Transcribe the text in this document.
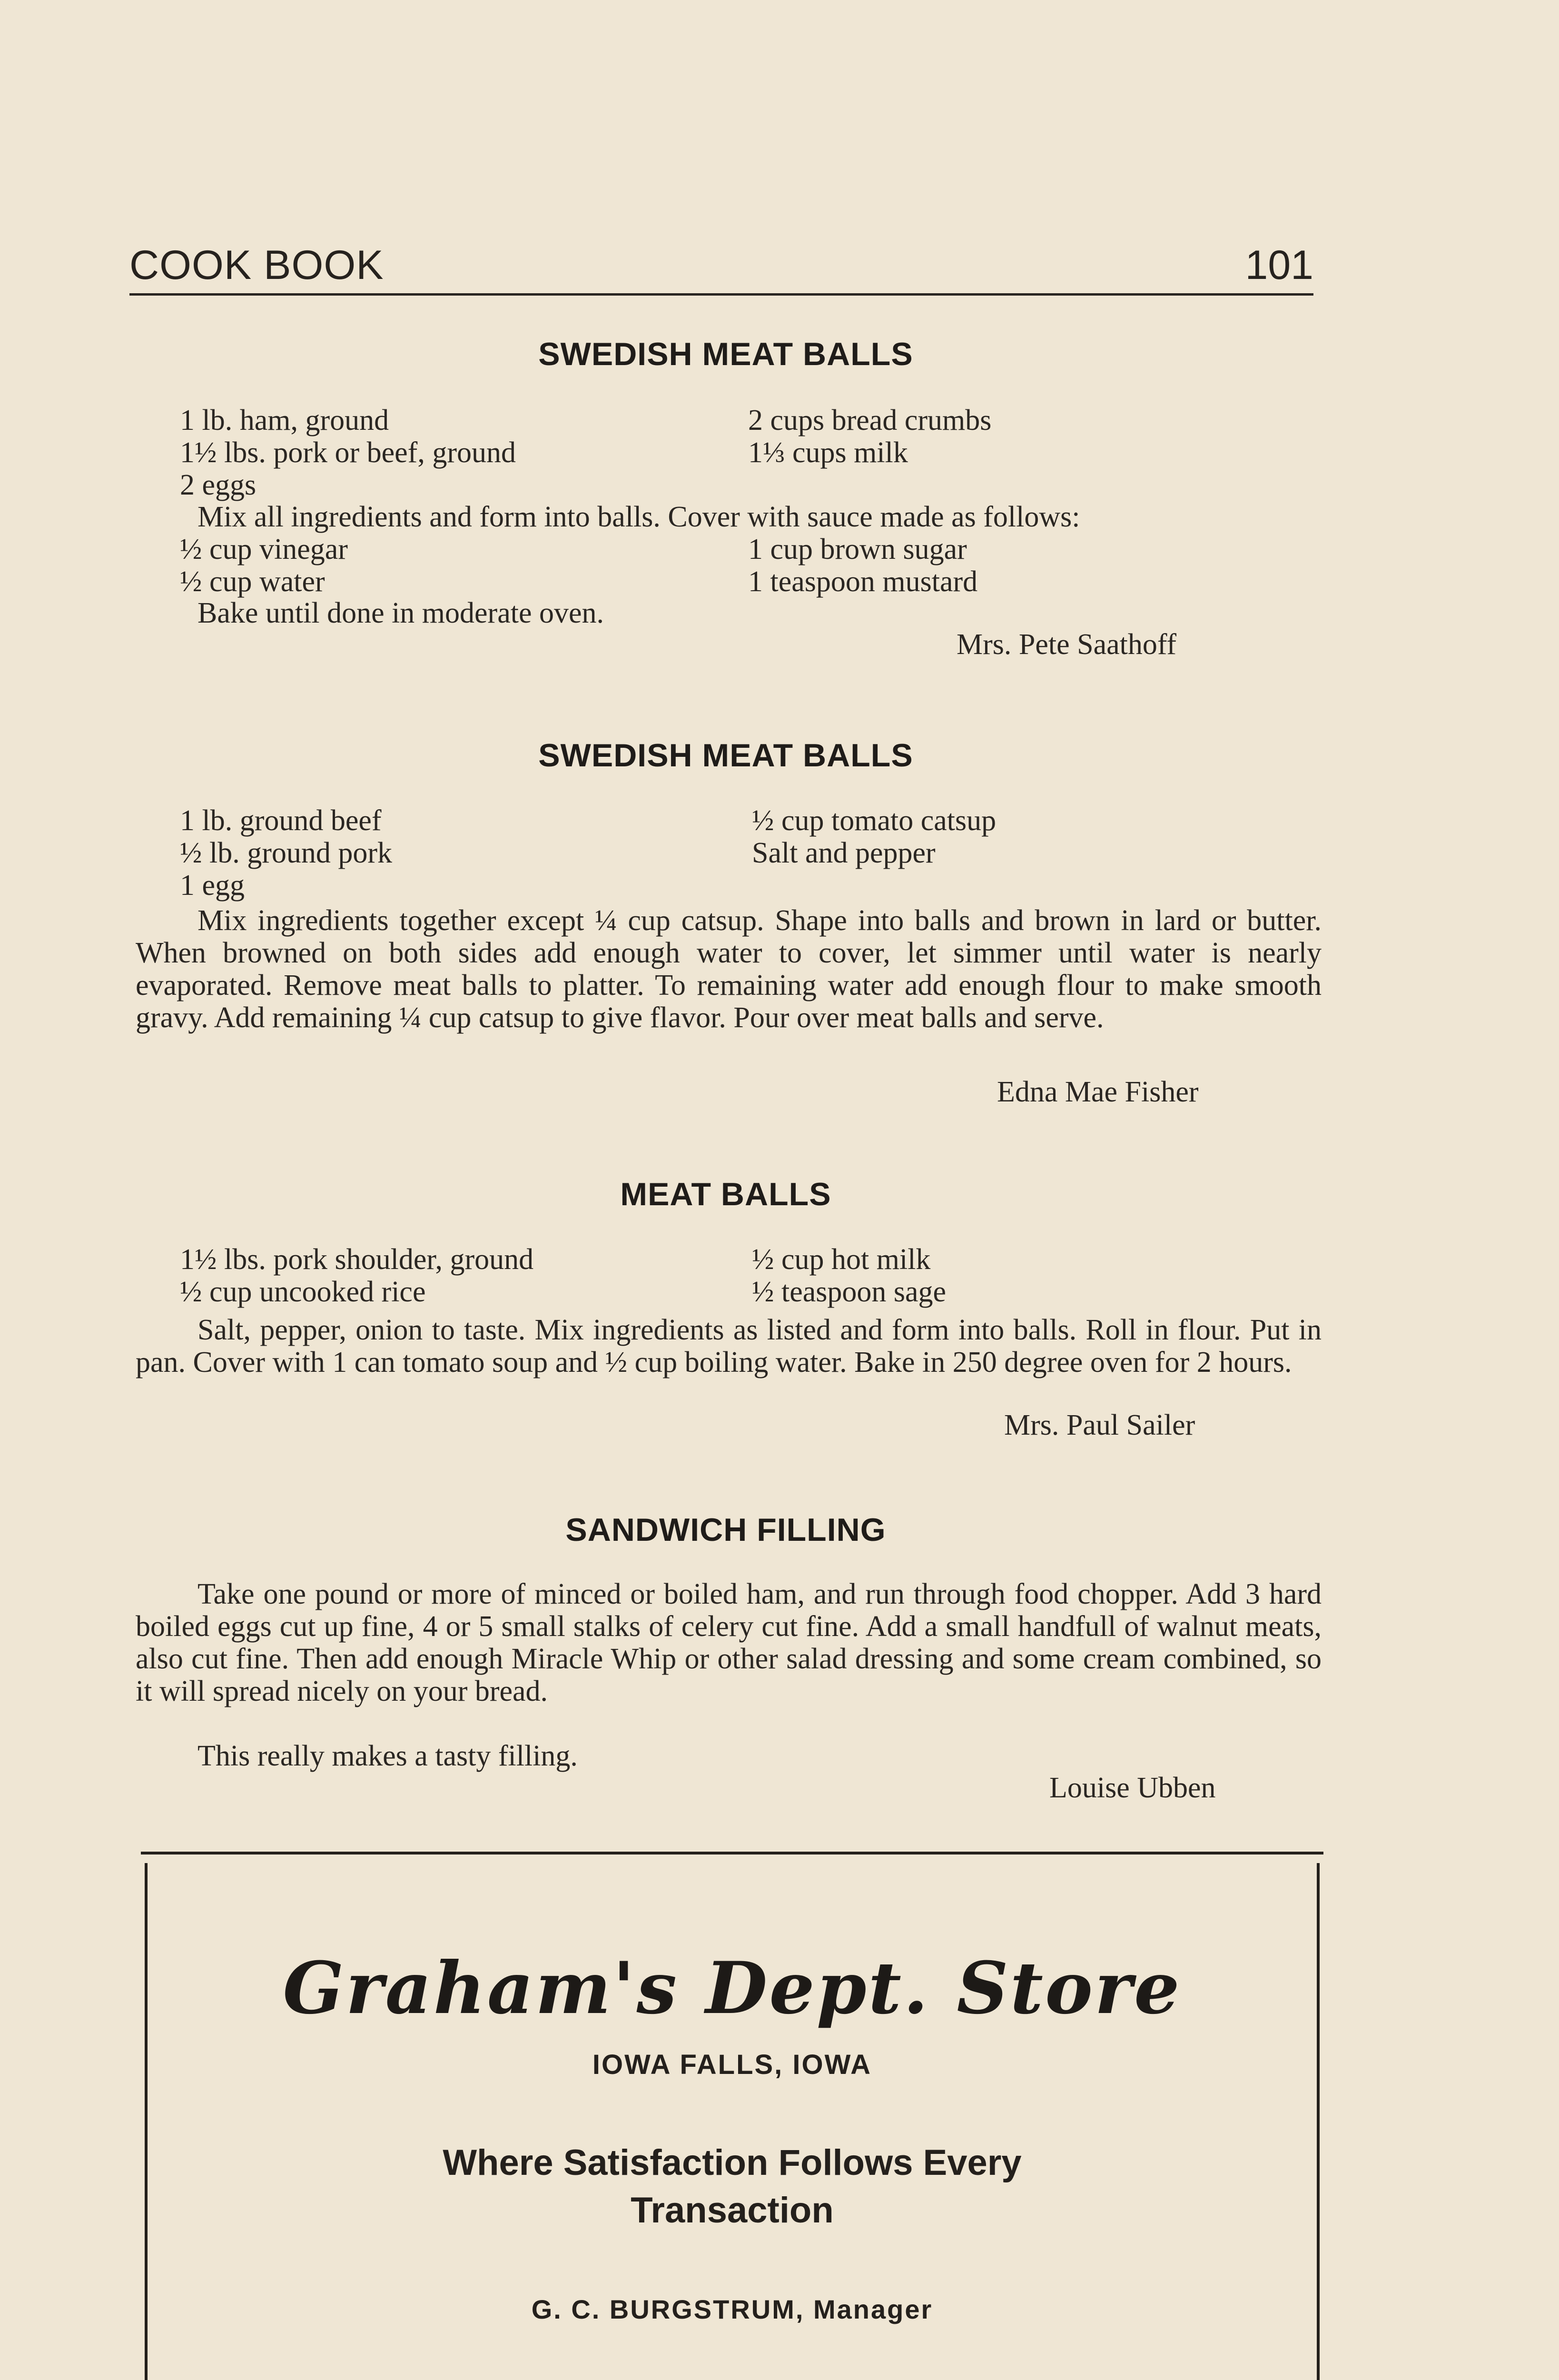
COOK BOOK	101
SWEDISH MEAT BALLS
1 lb. ham, ground
1½ lbs. pork or beef, ground
2 eggs
2 cups bread crumbs
1⅓ cups milk
Mix all ingredients and form into balls. Cover with sauce made as follows:
½ cup vinegar
½ cup water
1 cup brown sugar
1 teaspoon mustard
Bake until done in moderate oven.
Mrs. Pete Saathoff
SWEDISH MEAT BALLS
1 lb. ground beef
½ lb. ground pork
1 egg
½ cup tomato catsup
Salt and pepper
Mix ingredients together except ¼ cup catsup. Shape into balls and brown in lard or butter. When browned on both sides add enough water to cover, let simmer until water is nearly evaporated. Remove meat balls to platter. To remaining water add enough flour to make smooth gravy. Add remaining ¼ cup catsup to give flavor. Pour over meat balls and serve.
Edna Mae Fisher
MEAT BALLS
1½ lbs. pork shoulder, ground
½ cup uncooked rice
½ cup hot milk
½ teaspoon sage
Salt, pepper, onion to taste. Mix ingredients as listed and form into balls. Roll in flour. Put in pan. Cover with 1 can tomato soup and ½ cup boiling water. Bake in 250 degree oven for 2 hours.
Mrs. Paul Sailer
SANDWICH FILLING
Take one pound or more of minced or boiled ham, and run through food chopper. Add 3 hard boiled eggs cut up fine, 4 or 5 small stalks of celery cut fine. Add a small handfull of walnut meats, also cut fine. Then add enough Miracle Whip or other salad dressing and some cream combined, so it will spread nicely on your bread.
This really makes a tasty filling.
Louise Ubben
Graham's Dept. Store
IOWA FALLS, IOWA
Where Satisfaction Follows Every
Transaction
G. C. BURGSTRUM, Manager
